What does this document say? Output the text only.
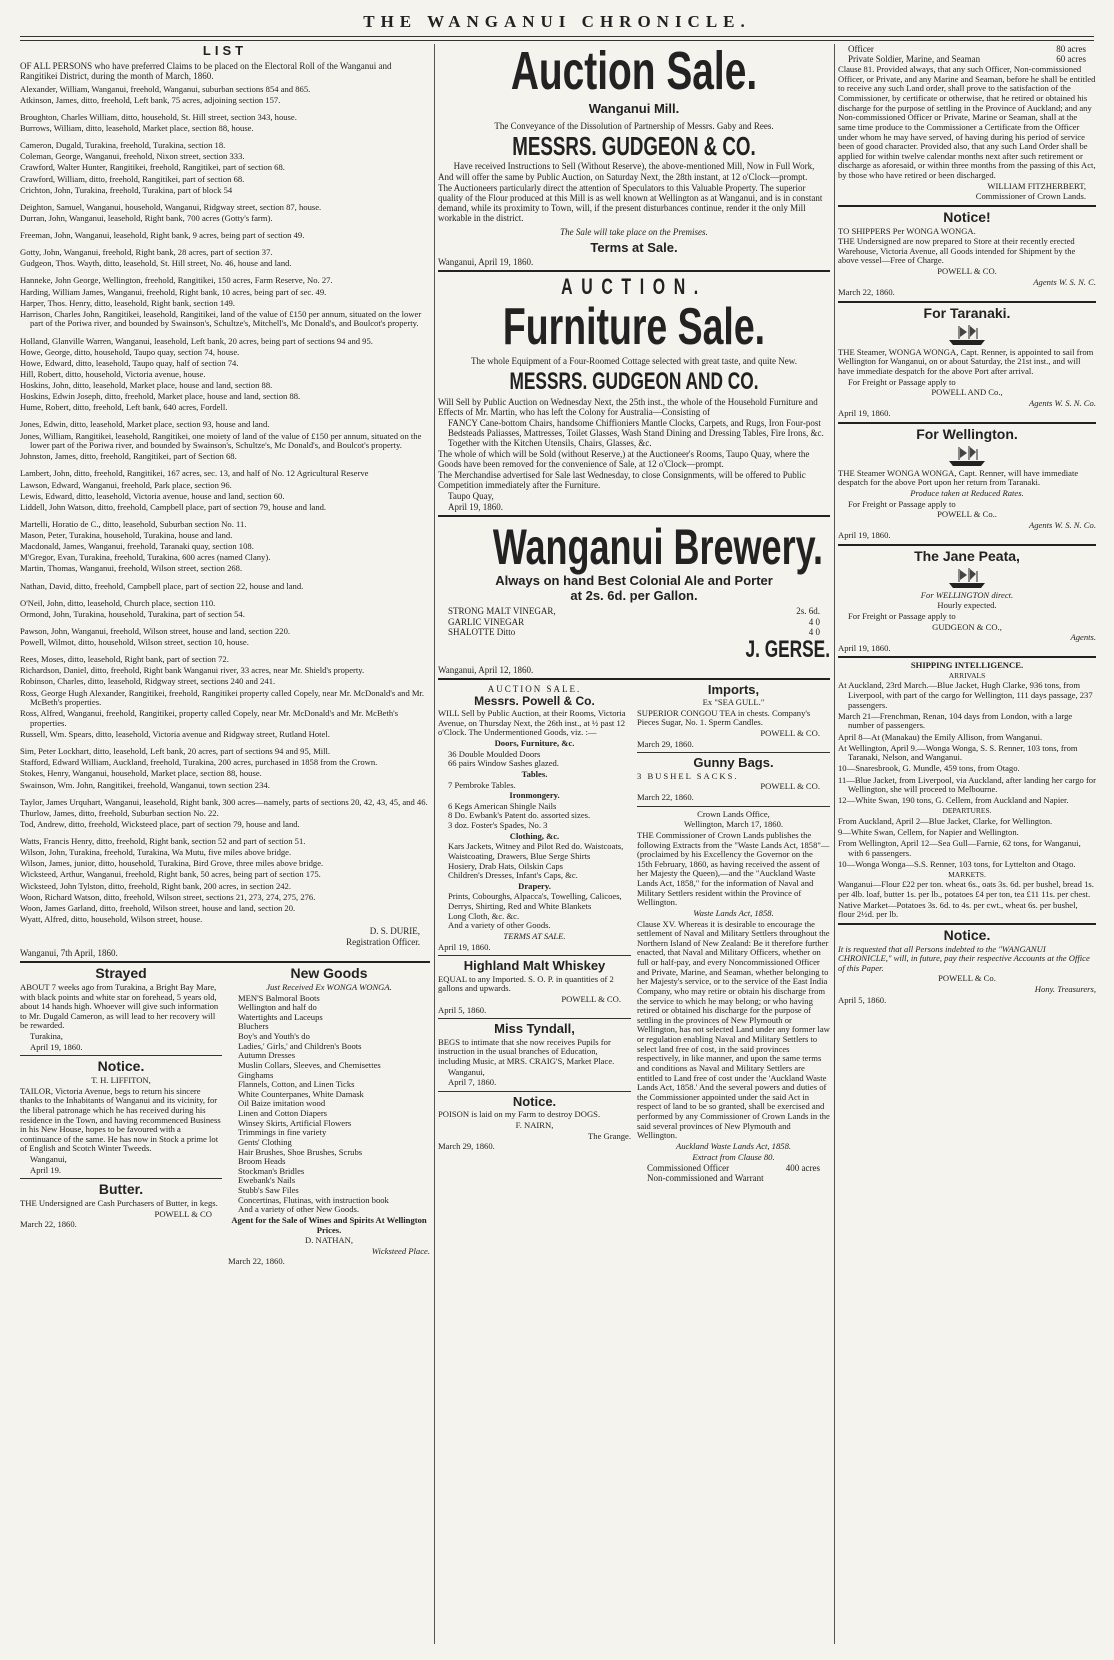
THE WANGANUI CHRONICLE.
LIST

OF ALL PERSONS who have preferred Claims to be placed on the Electoral Roll of the Wanganui and Rangitikei District, during the month of March, 1860.

Alexander, William, Wanganui, freehold, Wanganui, suburban sections 854 and 865.
Atkinson, James, ditto, freehold, Left bank, 75 acres, adjoining section 157.
Broughton, Charles William, ditto, household, St. Hill street, section 343, house.
Burrows, William, ditto, leasehold, Market place, section 88, house.
Cameron, Dugald, Turakina, freehold, Turakina, section 18.
Coleman, George, Wanganui, freehold, Nixon street, section 333.
Crawford, Walter Hunter, Rangitikei, freehold, Rangitikei, part of section 68.
Crawford, William, ditto, freehold, Rangitikei, part of section 68.
Crichton, John, Turakina, freehold, Turakina, part of block 54
Deighton, Samuel, Wanganui, household, Wanganui, Ridgway street, section 87, house.
Durran, John, Wanganui, leasehold, Right bank, 700 acres (Gotty's farm).
Freeman, John, Wanganui, leasehold, Right bank, 9 acres, being part of section 49.
Gotty, John, Wanganui, freehold, Right bank, 28 acres, part of section 37.
Gudgeon, Thos. Wayth, ditto, leasehold, St. Hill street, No. 46, house and land.
Hanneke, John George, Wellington, freehold, Rangitikei, 150 acres, Farm Reserve, No. 27.
Harding, William James, Wanganui, freehold, Right bank, 10 acres, being part of sec. 49.
Harper, Thos. Henry, ditto, leasehold, Right bank, section 149.
Harrison, Charles John, Rangitikei, leasehold, Rangitikei, land of the value of £150 per annum, situated on the lower part of the Poriwa river, and bounded by Swainson's, Schultze's, Mitchell's, Mc Donald's, and Boulcot's property.
Holland, Glanville Warren, Wanganui, leasehold, Left bank, 20 acres, being part of sections 94 and 95.
Howe, George, ditto, household, Taupo quay, section 74, house.
Howe, Edward, ditto, leasehold, Taupo quay, half of section 74.
Hill, Robert, ditto, household, Victoria avenue, house.
Hoskins, John, ditto, leasehold, Market place, house and land, section 88.
Hoskins, Edwin Joseph, ditto, freehold, Market place, house and land, section 88.
Hume, Robert, ditto, freehold, Left bank, 640 acres, Fordell.
Jones, Edwin, ditto, leasehold, Market place, section 93, house and land.
Jones, William, Rangitikei, leasehold, Rangitikei, one moiety of land of the value of £150 per annum, situated on the lower part of the Poriwa river, and bounded by Swainson's, Schultze's, Mc Donald's, and Boulcot's property.
Johnston, James, ditto, freehold, Rangitikei, part of Section 68.
Lambert, John, ditto, freehold, Rangitikei, 167 acres, sec. 13, and half of No. 12 Agricultural Reserve
Lawson, Edward, Wanganui, freehold, Park place, section 96.
Lewis, Edward, ditto, leasehold, Victoria avenue, house and land, section 60.
Liddell, John Watson, ditto, freehold, Campbell place, part of section 79, house and land.
Martelli, Horatio de C., ditto, leasehold, Suburban section No. 11.
Mason, Peter, Turakina, household, Turakina, house and land.
Macdonald, James, Wanganui, freehold, Taranaki quay, section 108.
M'Gregor, Evan, Turakina, freehold, Turakina, 600 acres (named Clany).
Martin, Thomas, Wanganui, freehold, Wilson street, section 268.
Nathan, David, ditto, freehold, Campbell place, part of section 22, house and land.
O'Neil, John, ditto, leasehold, Church place, section 110.
Ormond, John, Turakina, household, Turakina, part of section 54.
Pawson, John, Wanganui, freehold, Wilson street, house and land, section 220.
Powell, Wilmot, ditto, household, Wilson street, section 10, house.
Rees, Moses, ditto, leasehold, Right bank, part of section 72.
Richardson, Daniel, ditto, freehold, Right bank Wanganui river, 33 acres, near Mr. Shield's property.
Robinson, Charles, ditto, leasehold, Ridgway street, sections 240 and 241.
Ross, George Hugh Alexander, Rangitikei, freehold, Rangitikei property called Copely, near Mr. McDonald's and Mr. McBeth's properties.
Ross, Alfred, Wanganui, freehold, Rangitikei, property called Copely, near Mr. McDonald's and Mr. McBeth's properties.
Russell, Wm. Spears, ditto, leasehold, Victoria avenue and Ridgway street, Rutland Hotel.
Sim, Peter Lockhart, ditto, leasehold, Left bank, 20 acres, part of sections 94 and 95, Mill.
Stafford, Edward William, Auckland, freehold, Turakina, 200 acres, purchased in 1858 from the Crown.
Stokes, Henry, Wanganui, household, Market place, section 88, house.
Swainson, Wm. John, Rangitikei, freehold, Wanganui, town section 234.
Taylor, James Urquhart, Wanganui, leasehold, Right bank, 300 acres—namely, parts of sections 20, 42, 43, 45, and 46.
Thurlow, James, ditto, freehold, Suburban section No. 22.
Tod, Andrew, ditto, freehold, Wicksteed place, part of section 79, house and land.
Watts, Francis Henry, ditto, freehold, Right bank, section 52 and part of section 51.
Wilson, John, Turakina, freehold, Turakina, Wa Mutu, five miles above bridge.
Wilson, James, junior, ditto, household, Turakina, Bird Grove, three miles above bridge.
Wicksteed, Arthur, Wanganui, freehold, Right bank, 50 acres, being part of section 175.
Wicksteed, John Tylston, ditto, freehold, Right bank, 200 acres, in section 242.
Woon, Richard Watson, ditto, freehold, Wilson street, sections 21, 273, 274, 275, 276.
Woon, James Garland, ditto, freehold, Wilson street, house and land, section 20.
Wyatt, Alfred, ditto, household, Wilson street, house.

D. S. DURIE,

Registration Officer.

Wanganui, 7th April, 1860.

Strayed

ABOUT 7 weeks ago from Turakina, a Bright Bay Mare, with black points and white star on forehead, 5 years old, about 14 hands high. Whoever will give such information to Mr. Dugald Cameron, as will lead to her recovery will be rewarded.

Turakina,

April 19, 1860.

Notice.

T. H. LIFFITON,

TAILOR, Victoria Avenue, begs to return his sincere thanks to the Inhabitants of Wanganui and its vicinity, for the liberal patronage which he has received during his residence in the Town, and having recommenced Business in his New House, hopes to be favoured with a continuance of the same. He has now in Stock a prime lot of English and Scotch Winter Tweeds.

Wanganui,

April 19.

Butter.

THE Undersigned are Cash Purchasers of Butter, in kegs.

POWELL & CO

March 22, 1860.

New Goods

Just Received Ex WONGA WONGA.

MEN'S Balmoral Boots
Wellington and half do
Watertights and Laceups
Bluchers
Boy's and Youth's do
Ladies,' Girls,' and Children's Boots
Autumn Dresses
Muslin Collars, Sleeves, and Chemisettes
Ginghams
Flannels, Cotton, and Linen Ticks
White Counterpanes, White Damask
Oil Baize imitation wood
Linen and Cotton Diapers
Winsey Skirts, Artificial Flowers
Trimmings in fine variety
Gents' Clothing
Hair Brushes, Shoe Brushes, Scrubs
Broom Heads
Stockman's Bridles
Ewebank's Nails
Stubb's Saw Files
Concertinas, Flutinas, with instruction book
And a variety of other New Goods.

Agent for the Sale of Wines and Spirits At Wellington Prices.

D. NATHAN,

Wicksteed Place.

March 22, 1860.

Auction Sale.
Wanganui Mill.

The Conveyance of the Dissolution of Partnership of Messrs. Gaby and Rees.

MESSRS. GUDGEON & CO.

Have received Instructions to Sell (Without Reserve), the above-mentioned Mill, Now in Full Work,

And will offer the same by Public Auction, on Saturday Next, the 28th instant, at 12 o'Clock—prompt.

The Auctioneers particularly direct the attention of Speculators to this Valuable Property. The superior quality of the Flour produced at this Mill is as well known at Wellington as at Wanganui, and is in constant demand, while its proximity to Town, will, if the present disturbances continue, render it the only Mill workable in the district.

The Sale will take place on the Premises.

Terms at Sale.

Wanganui, April 19, 1860.

AUCTION.
Furniture Sale.

The whole Equipment of a Four-Roomed Cottage selected with great taste, and quite New.

MESSRS. GUDGEON AND CO.

Will Sell by Public Auction on Wednesday Next, the 25th inst., the whole of the Household Furniture and Effects of Mr. Martin, who has left the Colony for Australia—Consisting of

FANCY Cane-bottom Chairs, handsome Chiffioniers Mantle Clocks, Carpets, and Rugs, Iron Four-post Bedsteads Paliasses, Mattresses, Toilet Glasses, Wash Stand Dining and Dressing Tables, Fire Irons, &c. Together with the Kitchen Utensils, Chairs, Glasses, &c.

The whole of which will be Sold (without Reserve,) at the Auctioneer's Rooms, Taupo Quay, where the Goods have been removed for the convenience of Sale, at 12 o'Clock—prompt.

The Merchandise advertised for Sale last Wednesday, to close Consignments, will be offered to Public Competition immediately after the Furniture.

Taupo Quay,

April 19, 1860.

Wanganui Brewery.
Always on hand Best Colonial Ale and Porter
at 2s. 6d. per Gallon.
STRONG MALT VINEGAR,	2s. 6d.
GARLIC VINEGAR	4 0
SHALOTTE Ditto	4 0
J. GERSE.

Wanganui, April 12, 1860.

AUCTION SALE.

Messrs. Powell & Co.

WILL Sell by Public Auction, at their Rooms, Victoria Avenue, on Thursday Next, the 26th inst., at ½ past 12 o'Clock. The Undermentioned Goods, viz. :—

Doors, Furniture, &c.

36 Double Moulded Doors
66 pairs Window Sashes glazed.

Tables.

7 Pembroke Tables.

Ironmongery.

6 Kegs American Shingle Nails
8 Do. Ewbank's Patent do. assorted sizes.
3 doz. Foster's Spades, No. 3

Clothing, &c.

Kars Jackets, Witney and Pilot Red do. Waistcoats, Waistcoating, Drawers, Blue Serge Shirts
Hosiery, Drab Hats, Oilskin Caps
Children's Dresses, Infant's Caps, &c.

Drapery.

Prints, Cobourghs, Alpacca's, Towelling, Calicoes, Derrys, Shirting, Red and White Blankets
Long Cloth, &c. &c.
And a variety of other Goods.

TERMS AT SALE.

April 19, 1860.

Highland Malt Whiskey

EQUAL to any Imported. S. O. P. in quantities of 2 gallons and upwards.

POWELL & CO.

April 5, 1860.

Miss Tyndall,

BEGS to intimate that she now receives Pupils for instruction in the usual branches of Education, including Music, at MRS. CRAIG'S, Market Place.

Wanganui,

April 7, 1860.

Notice.

POISON is laid on my Farm to destroy DOGS.

F. NAIRN,

The Grange.

March 29, 1860.

Imports,

Ex "SEA GULL."

SUPERIOR CONGOU TEA in chests. Company's Pieces Sugar, No. 1. Sperm Candles.

POWELL & CO.

March 29, 1860.

Gunny Bags.

3 BUSHEL SACKS.

POWELL & CO.

March 22, 1860.

Crown Lands Office,

Wellington, March 17, 1860.

THE Commissioner of Crown Lands publishes the following Extracts from the "Waste Lands Act, 1858"—(proclaimed by his Excellency the Governor on the 15th February, 1860, as having received the assent of her Majesty the Queen),—and the "Auckland Waste Lands Act, 1858," for the information of Naval and Military Settlers resident within the Province of Wellington.

Waste Lands Act, 1858.

Clause XV. Whereas it is desirable to encourage the settlement of Naval and Military Settlers throughout the Northern Island of New Zealand: Be it therefore further enacted, that Naval and Military Officers, whether on full or half-pay, and every Noncommissioned Officer and Private, Marine, and Seaman, whether belonging to her Majesty's service, or to the service of the East India Company, who may retire or obtain his discharge from the service to which he may belong; or who having retired or obtained his discharge for the purpose of settling in the provinces of New Plymouth or Wellington, has not selected Land under any former law or regulation enabling Naval and Military Settlers to select land free of cost, in the said provinces respectively, in like manner, and upon the same terms and conditions as Naval and Military Settlers are entitled to Land free of cost under the 'Auckland Waste Lands Act, 1858.' And the several powers and duties of the Commissioner appointed under the said Act in respect of land to be so granted, shall be exercised and performed by any Commissioner of Crown Lands in the said several provinces of New Plymouth and Wellington.

Auckland Waste Lands Act, 1858.

Extract from Clause 80.

Commissioned Officer	400 acres
Non-commissioned and Warrant
Officer	80 acres
Private Soldier, Marine, and Seaman	60 acres

Clause 81. Provided always, that any such Officer, Non-commissioned Officer, or Private, and any Marine and Seaman, before he shall be entitled to receive any such Land order, shall prove to the satisfaction of the Commissioner, by certificate or otherwise, that he retired or obtained his discharge for the purpose of settling in the Province of Auckland; and any Non-commissioned Officer or Private, Marine or Seaman, shall at the same time produce to the Commissioner a Certificate from the Officer under whom he may have served, of having during his period of service been of good character. Provided also, that any such Land Order shall be applied for within twelve calendar months next after such retirement or discharge as aforesaid, or within three months from the passing of this Act, by those who have retired or been discharged.

WILLIAM FITZHERBERT,

Commissioner of Crown Lands.

Notice!

TO SHIPPERS Per WONGA WONGA.

THE Undersigned are now prepared to Store at their recently erected Warehouse, Victoria Avenue, all Goods intended for Shipment by the above vessel—Free of Charge.

POWELL & CO.

Agents W. S. N. C.

March 22, 1860.

For Taranaki.

THE Steamer, WONGA WONGA, Capt. Renner, is appointed to sail from Wellington for Wanganui, on or about Saturday, the 21st inst., and will have immediate despatch for the above Port after arrival.

For Freight or Passage apply to

POWELL AND Co.,

Agents W. S. N. Co.

April 19, 1860.

For Wellington.

THE Steamer WONGA WONGA, Capt. Renner, will have immediate despatch for the above Port upon her return from Taranaki.

Produce taken at Reduced Rates.

For Freight or Passage apply to

POWELL & Co..

Agents W. S. N. Co.

April 19, 1860.

The Jane Peata,

For WELLINGTON direct.

Hourly expected.

For Freight or Passage apply to

GUDGEON & CO.,

Agents.

April 19, 1860.

SHIPPING INTELLIGENCE.

ARRIVALS

At Auckland, 23rd March.—Blue Jacket, Hugh Clarke, 936 tons, from Liverpool, with part of the cargo for Wellington, 111 days passage, 237 passengers.
March 21—Frenchman, Renan, 104 days from London, with a large number of passengers.
April 8—At (Manakau) the Emily Allison, from Wanganui.
At Wellington, April 9.—Wonga Wonga, S. S. Renner, 103 tons, from Taranaki, Nelson, and Wanganui.
10—Snaresbrook, G. Mundle, 459 tons, from Otago.
11—Blue Jacket, from Liverpool, via Auckland, after landing her cargo for Wellington, she will proceed to Melbourne.
12—White Swan, 190 tons, G. Cellem, from Auckland and Napier.

DEPARTURES.

From Auckland, April 2—Blue Jacket, Clarke, for Wellington.
9—White Swan, Cellem, for Napier and Wellington.
From Wellington, April 12—Sea Gull—Farnie, 62 tons, for Wanganui, with 6 passengers.
10—Wonga Wonga—S.S. Renner, 103 tons, for Lyttelton and Otago.

MARKETS.

Wanganui—Flour £22 per ton. wheat 6s., oats 3s. 6d. per bushel, bread 1s. per 4lb. loaf, butter 1s. per lb., potatoes £4 per ton, tea £11 11s. per chest.

Native Market—Potatoes 3s. 6d. to 4s. per cwt., wheat 6s. per bushel, flour 2½d. per lb.

Notice.

It is requested that all Persons indebted to the "WANGANUI CHRONICLE," will, in future, pay their respective Accounts at the Office of this Paper.

POWELL & Co.

Hony. Treasurers,

April 5, 1860.
